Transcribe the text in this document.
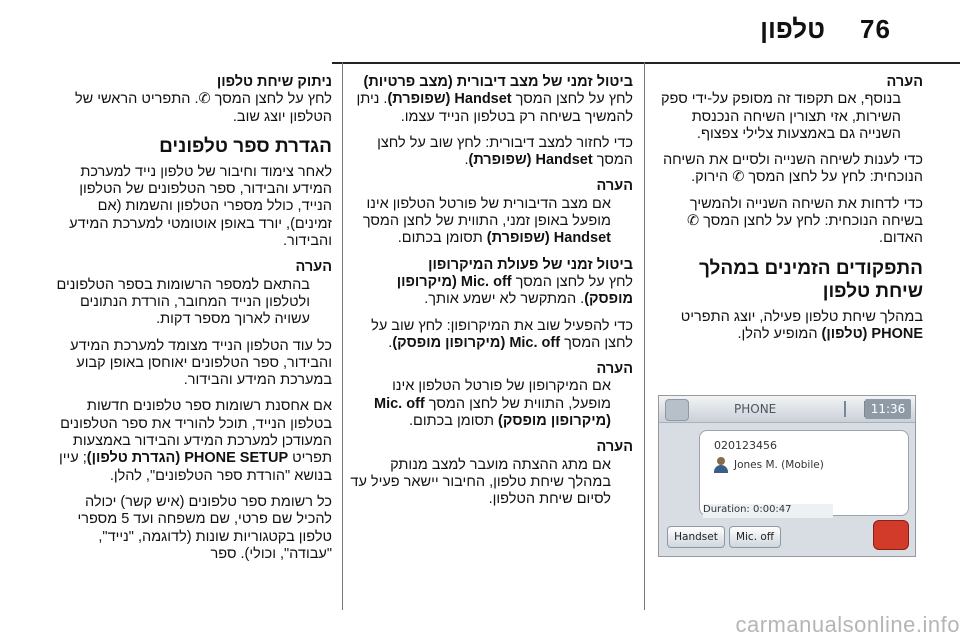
76
טלפון

הערה

בנוסף, אם תקפוד זה מסופק על-ידי ספק השירות, אזי תצורין השיחה הנכנסת השנייה גם באמצעות צלילי צפצוף.

כדי לענות לשיחה השנייה ולסיים את השיחה הנוכחית: לחץ על לחצן המסך ✆ הירוק.

כדי לדחות את השיחה השנייה ולהמשיך בשיחה הנוכחית: לחץ על לחצן המסך ✆ האדום.

התפקודים הזמינים במהלך שיחת טלפון

במהלך שיחת טלפון פעילה, יוצג התפריט PHONE (טלפון) המופיע להלן.

PHONE	11:36
020123456
Jones M. (Mobile)
Duration: 0:00:47
Handset	Mic. off

ביטול זמני של מצב דיבורית (מצב פרטיות)

לחץ על לחצן המסך Handset (שפופרת). ניתן להמשיך בשיחה רק בטלפון הנייד עצמו.

כדי לחזור למצב דיבורית: לחץ שוב על לחצן המסך Handset (שפופרת).

הערה

אם מצב הדיבורית של פורטל הטלפון אינו מופעל באופן זמני, התווית של לחצן המסך Handset (שפופרת) תסומן בכתום.

ביטול זמני של פעולת המיקרופון

לחץ על לחצן המסך Mic. off (מיקרופון מופסק). המתקשר לא ישמע אותך.

כדי להפעיל שוב את המיקרופון: לחץ שוב על לחצן המסך Mic. off (מיקרופון מופסק).

הערה

אם המיקרופון של פורטל הטלפון אינו מופעל, התווית של לחצן המסך Mic. off (מיקרופון מופסק) תסומן בכתום.

הערה

אם מתג ההצתה מועבר למצב מנותק במהלך שיחת טלפון, החיבור יישאר פעיל עד לסיום שיחת הטלפון.

ניתוק שיחת טלפון

לחץ על לחצן המסך ✆. התפריט הראשי של הטלפון יוצג שוב.

הגדרת ספר טלפונים

לאחר צימוד וחיבור של טלפון נייד למערכת המידע והבידור, ספר הטלפונים של הטלפון הנייד, כולל מספרי הטלפון והשמות (אם זמינים), יורד באופן אוטומטי למערכת המידע והבידור.

הערה

בהתאם למספר הרשומות בספר הטלפונים ולטלפון הנייד המחובר, הורדת הנתונים עשויה לארוך מספר דקות.

כל עוד הטלפון הנייד מצומד למערכת המידע והבידור, ספר הטלפונים יאוחסן באופן קבוע במערכת המידע והבידור.

אם אחסנת רשומות ספר טלפונים חדשות בטלפון הנייד, תוכל להוריד את ספר הטלפונים המעודכן למערכת המידע והבידור באמצעות תפריט PHONE SETUP (הגדרת טלפון); עיין בנושא "הורדת ספר הטלפונים", להלן.

כל רשומת ספר טלפונים (איש קשר) יכולה להכיל שם פרטי, שם משפחה ועד 5 מספרי טלפון בקטגוריות שונות (לדוגמה, "נייד", "עבודה", וכולי). ספר

carmanualsonline.info
